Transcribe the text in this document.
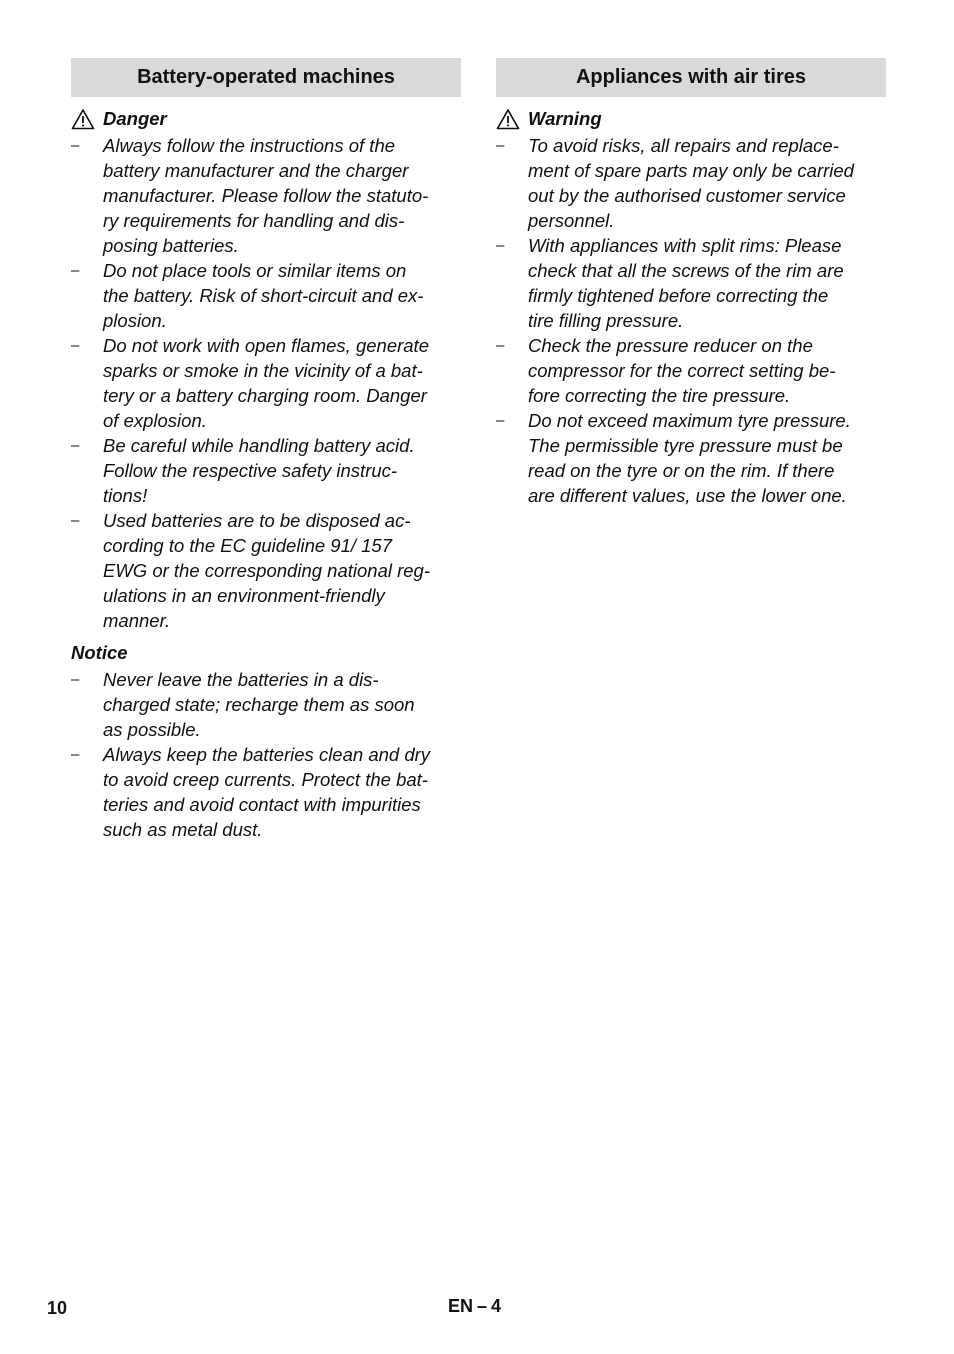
Battery-operated machines
Danger
–	Always follow the instructions of the
battery manufacturer and the charger
manufacturer. Please follow the statuto-
ry requirements for handling and dis-
posing batteries.
–	Do not place tools or similar items on
the battery. Risk of short-circuit and ex-
plosion.
–	Do not work with open flames, generate
sparks or smoke in the vicinity of a bat-
tery or a battery charging room. Danger
of explosion.
–	Be careful while handling battery acid.
Follow the respective safety instruc-
tions!
–	Used batteries are to be disposed ac-
cording to the EC guideline 91/ 157
EWG or the corresponding national reg-
ulations in an environment-friendly
manner.
Notice
–	Never leave the batteries in a dis-
charged state; recharge them as soon
as possible.
–	Always keep the batteries clean and dry
to avoid creep currents. Protect the bat-
teries and avoid contact with impurities
such as metal dust.
Appliances with air tires
Warning
–	To avoid risks, all repairs and replace-
ment of spare parts may only be carried
out by the authorised customer service
personnel.
–	With appliances with split rims: Please
check that all the screws of the rim are
firmly tightened before correcting the
tire filling pressure.
–	Check the pressure reducer on the
compressor for the correct setting be-
fore correcting the tire pressure.
–	Do not exceed maximum tyre pressure.
The permissible tyre pressure must be
read on the tyre or on the rim. If there
are different values, use the lower one.
10	EN – 4
